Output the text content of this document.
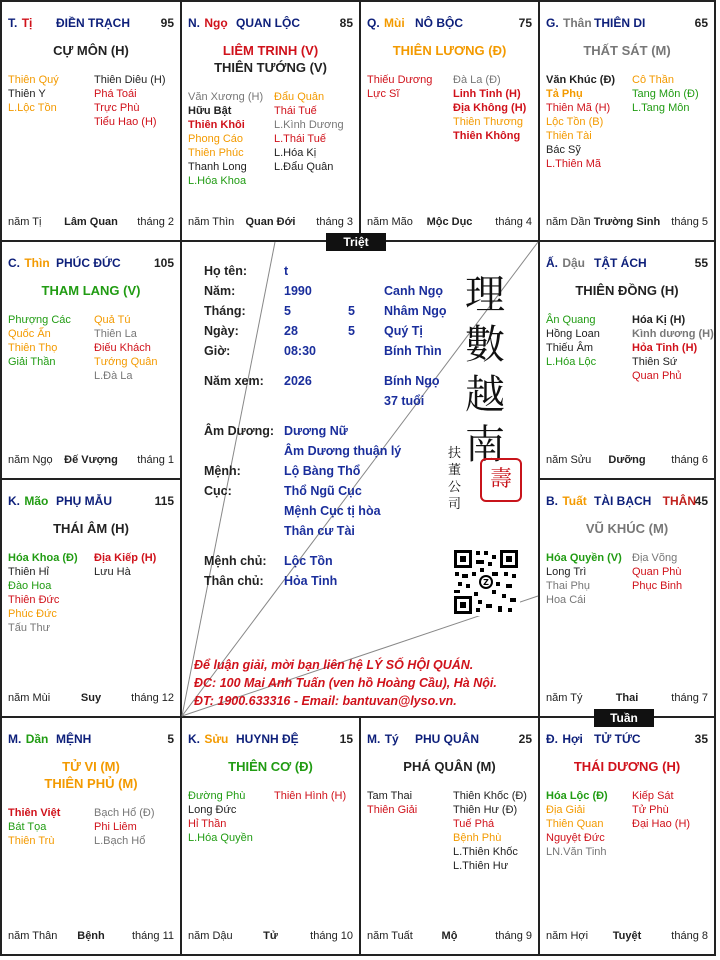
T. Tị ĐIỀN TRẠCH	95
CỰ MÔN (H)
Thiên Quý
Thiên Y
L.Lộc Tồn
Thiên Diêu (H)
Phá Toái
Trực Phù
Tiểu Hao (H)
năm Tị	Lâm Quan	tháng 2
N. Ngọ QUAN LỘC	85
LIÊM TRINH (V)
THIÊN TƯỚNG (V)
Văn Xương (H)
Hữu Bật
Thiên Khôi
Phong Cáo
Thiên Phúc
Thanh Long
L.Hóa Khoa
Đẩu Quân
Thái Tuế
L.Kình Dương
L.Thái Tuế
L.Hóa Kị
L.Đẩu Quân
năm Thìn	Quan Đới	tháng 3
Q. Mùi NÔ BỘC	75
THIÊN LƯƠNG (Đ)
Thiếu Dương
Lực Sĩ
Đà La (Đ)
Linh Tinh (H)
Địa Không (H)
Thiên Thương
Thiên Không
năm Mão	Mộc Dục	tháng 4
G. Thân THIÊN DI	65
THẤT SÁT (M)
Văn Khúc (Đ)
Tả Phụ
Thiên Mã (H)
Lộc Tồn (B)
Thiên Tài
Bác Sỹ
L.Thiên Mã
Cô Thần
Tang Môn (Đ)
L.Tang Môn
năm Dần Trường Sinh	tháng 5
C. Thìn PHÚC ĐỨC	105
THAM LANG (V)
Phượng Các
Quốc Ấn
Thiên Thọ
Giải Thần
Quả Tú
Thiên La
Điếu Khách
Tướng Quân
L.Đà La
năm Ngọ	Đế Vượng	tháng 1
Ấ. Dậu TẬT ÁCH	55
THIÊN ĐỒNG (H)
Ân Quang
Hồng Loan
Thiếu Âm
L.Hóa Lộc
Hóa Kị (H)
Kình dương (H)
Hỏa Tinh (H)
Thiên Sứ
Quan Phủ
năm Sửu	Dưỡng	tháng 6
K. Mão PHỤ MẪU	115
THÁI ÂM (H)
Hóa Khoa (Đ)
Thiên Hỉ
Đào Hoa
Thiên Đức
Phúc Đức
Tấu Thư
Địa Kiếp (H)
Lưu Hà
năm Mùi	Suy	tháng 12
B. Tuất TÀI BẠCH	45
THÂN
VŨ KHÚC (M)
Hóa Quyền (V)
Long Trì
Thai Phụ
Hoa Cái
Địa Võng
Quan Phù
Phục Binh
năm Tý	Thai	tháng 7
M. Dần MỆNH	5
TỬ VI (M)
THIÊN PHỦ (M)
Thiên Việt
Bát Tọa
Thiên Trù
Bạch Hổ (Đ)
Phi Liêm
L.Bạch Hổ
năm Thân	Bệnh	tháng 11
K. Sửu HUYNH ĐỆ	15
THIÊN CƠ (Đ)
Đường Phù
Long Đức
Hỉ Thần
L.Hóa Quyền
Thiên Hình (H)
năm Dậu	Tử	tháng 10
M. Tý PHU QUÂN	25
PHÁ QUÂN (M)
Tam Thai
Thiên Giải
Thiên Khốc (Đ)
Thiên Hư (Đ)
Tuế Phá
Bệnh Phù
L.Thiên Khốc
L.Thiên Hư
năm Tuất	Mộ	tháng 9
Đ. Hợi TỬ TỨC	35
THÁI DƯƠNG (H)
Hóa Lộc (Đ)
Địa Giải
Thiên Quan
Nguyệt Đức
LN.Văn Tinh
Kiếp Sát
Tử Phù
Đại Hao (H)
năm Hợi	Tuyệt	tháng 8
Triệt
Tuần
Họ tên:	t
Năm:	1990	Canh Ngọ
Tháng:	5	5 Nhâm Ngọ
Ngày:	28	5 Quý Tị
Giờ:	08:30	Bính Thìn
Năm xem: 2026	Bính Ngọ
37 tuổi
Âm Dương: Dương Nữ
Âm Dương thuận lý
Mệnh:	Lộ Bàng Thổ
Cục:	Thổ Ngũ Cục
Mệnh Cục tị hòa
Thân cư Tài
Mệnh chủ: Lộc Tồn
Thân chủ: Hỏa Tinh
理
數
越
南
扶 董 公 司
壽
Z
Để luận giải, mời bạn liên hệ LÝ SỐ HỘI QUÁN.
ĐC: 100 Mai Anh Tuấn (ven hồ Hoàng Cầu), Hà Nội.
ĐT: 1900.633316 - Email: bantuvan@lyso.vn.
